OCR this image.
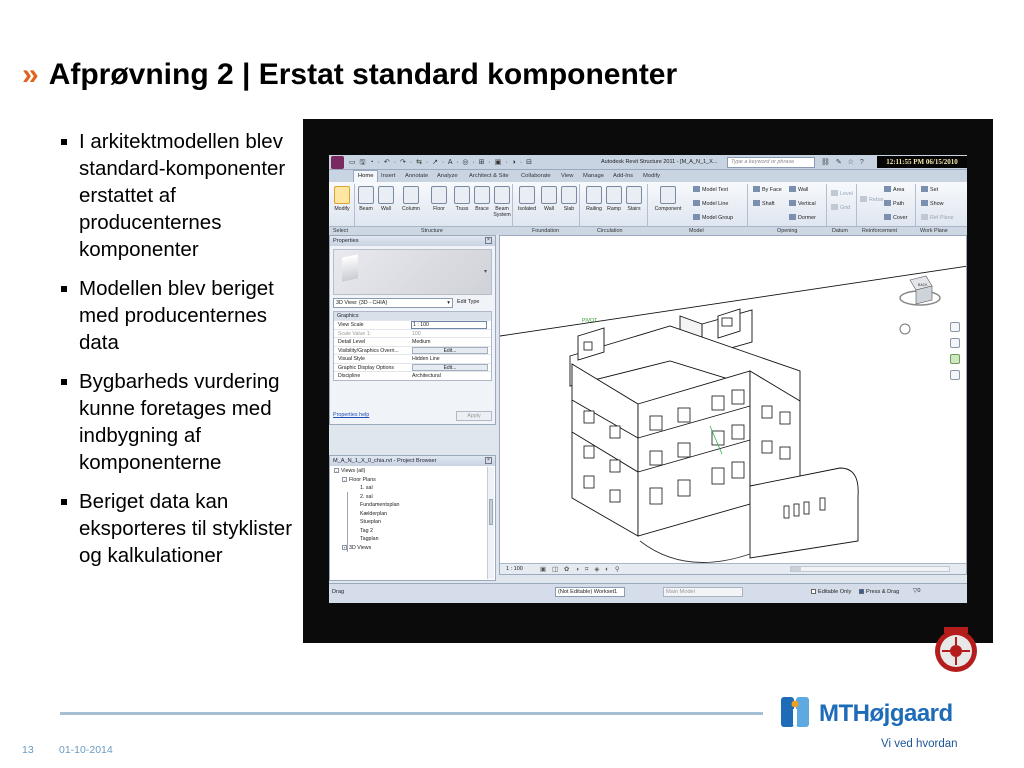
» Afprøvning 2 | Erstat standard komponenter
I arkitektmodellen blev standard-komponenter erstattet af producenternes komponenter
Modellen blev beriget med producenternes data
Bygbarheds vurdering kunne foretages med indbygning af komponenterne
Beriget data kan eksporteres til styklister og kalkulationer
▭ 🖫 ◔ · ↶ · ↷ · ⇆ · ↗ · A · ◎ · ⊞ · ▣ · ◑ · ⊟	Autodesk Revit Structure 2011 - [M_A_N_1_X...	Type a keyword or phrase	⛓ ✎ ☆ ?	12:11:55 PM 06/15/2010
Home	Insert	Annotate	Analyze	Architect & Site	Collaborate	View	Manage	Add-Ins	Modify
Modify	Beam	Wall	Column	Floor	Truss	Brace	Beam System
Isolated	Wall	Slab	Railing Ramp	Stairs	Component
Model Text
Model Line
Model Group
By Face
Shaft
Wall
Vertical
Dormer
Level
Grid
Rebar
Area
Path
Cover
Set
Show
Ref Plane
Select	Structure	Foundation	Circulation	Model	Opening	Datum	Reinforcement	Work Plane
Properties	×
▾
3D View: {3D - CHIA}	▾ Edit Type
Graphics
View Scale	1 : 100
Scale Value 1:	100
Detail Level	Medium
Visibility/Graphics Overri...	Edit...
Visual Style	Hidden Line
Graphic Display Options	Edit...
Discipline	Architectural
Properties help	Apply
M_A_N_1_X_0_chia.rvt - Project Browser	×
- Views (all)
- Floor Plans
1. sal
2. sal
Fundamentsplan
Kælderplan
Stueplan
Tag 2
Tagplan
+ 3D Views
PIVOT
BACK
1 : 100	▣ ◫ ✿ ◑ ⌗ ◈ ◐ ⚲
Drag	(Not Editable) Workset1	Main Model	Editable Only	Press & Drag ▽0
13 01-10-2014
MTHøjgaard
Vi ved hvordan
